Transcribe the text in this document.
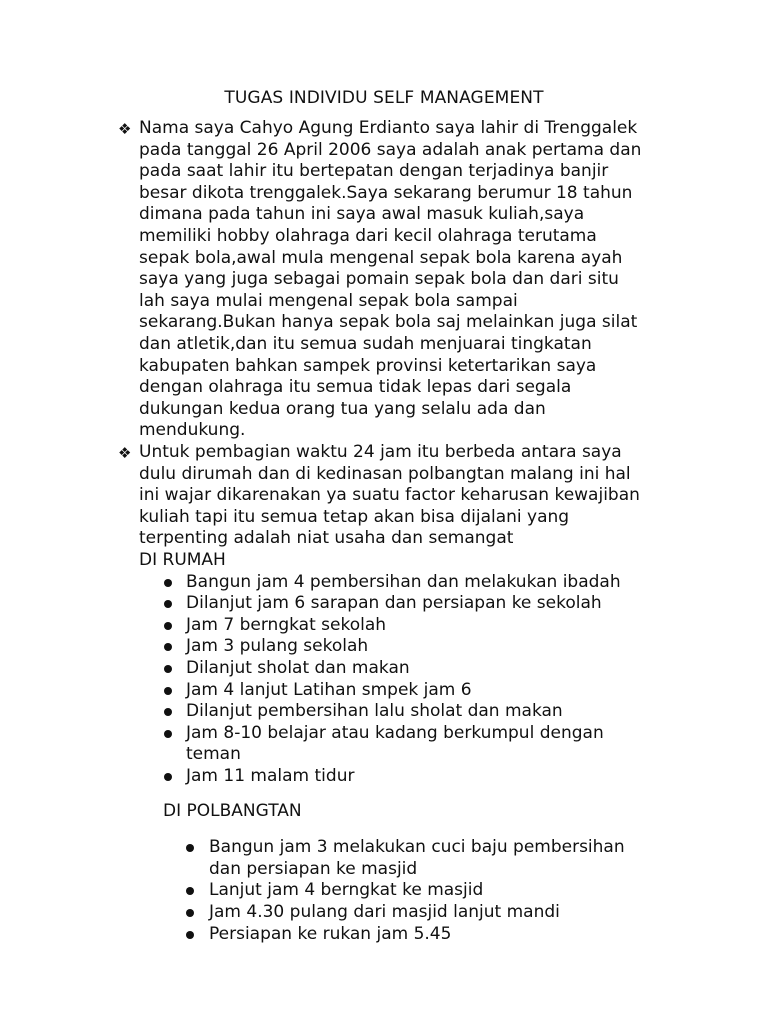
TUGAS INDIVIDU SELF MANAGEMENT
❖ Nama saya Cahyo Agung Erdianto saya lahir di Trenggalek
pada tanggal 26 April 2006 saya adalah anak pertama dan
pada saat lahir itu bertepatan dengan terjadinya banjir
besar dikota trenggalek.Saya sekarang berumur 18 tahun
dimana pada tahun ini saya awal masuk kuliah,saya
memiliki hobby olahraga dari kecil olahraga terutama
sepak bola,awal mula mengenal sepak bola karena ayah
saya yang juga sebagai pomain sepak bola dan dari situ
lah saya mulai mengenal sepak bola sampai
sekarang.Bukan hanya sepak bola saj melainkan juga silat
dan atletik,dan itu semua sudah menjuarai tingkatan
kabupaten bahkan sampek provinsi ketertarikan saya
dengan olahraga itu semua tidak lepas dari segala
dukungan kedua orang tua yang selalu ada dan
mendukung.
❖ Untuk pembagian waktu 24 jam itu berbeda antara saya
dulu dirumah dan di kedinasan polbangtan malang ini hal
ini wajar dikarenakan ya suatu factor keharusan kewajiban
kuliah tapi itu semua tetap akan bisa dijalani yang
terpenting adalah niat usaha dan semangat
DI RUMAH
Bangun jam 4 pembersihan dan melakukan ibadah
Dilanjut jam 6 sarapan dan persiapan ke sekolah
Jam 7 berngkat sekolah
Jam 3 pulang sekolah
Dilanjut sholat dan makan
Jam 4 lanjut Latihan smpek jam 6
Dilanjut pembersihan lalu sholat dan makan
Jam 8-10 belajar atau kadang berkumpul dengan
teman
Jam 11 malam tidur
DI POLBANGTAN
Bangun jam 3 melakukan cuci baju pembersihan
dan persiapan ke masjid
Lanjut jam 4 berngkat ke masjid
Jam 4.30 pulang dari masjid lanjut mandi
Persiapan ke rukan jam 5.45
